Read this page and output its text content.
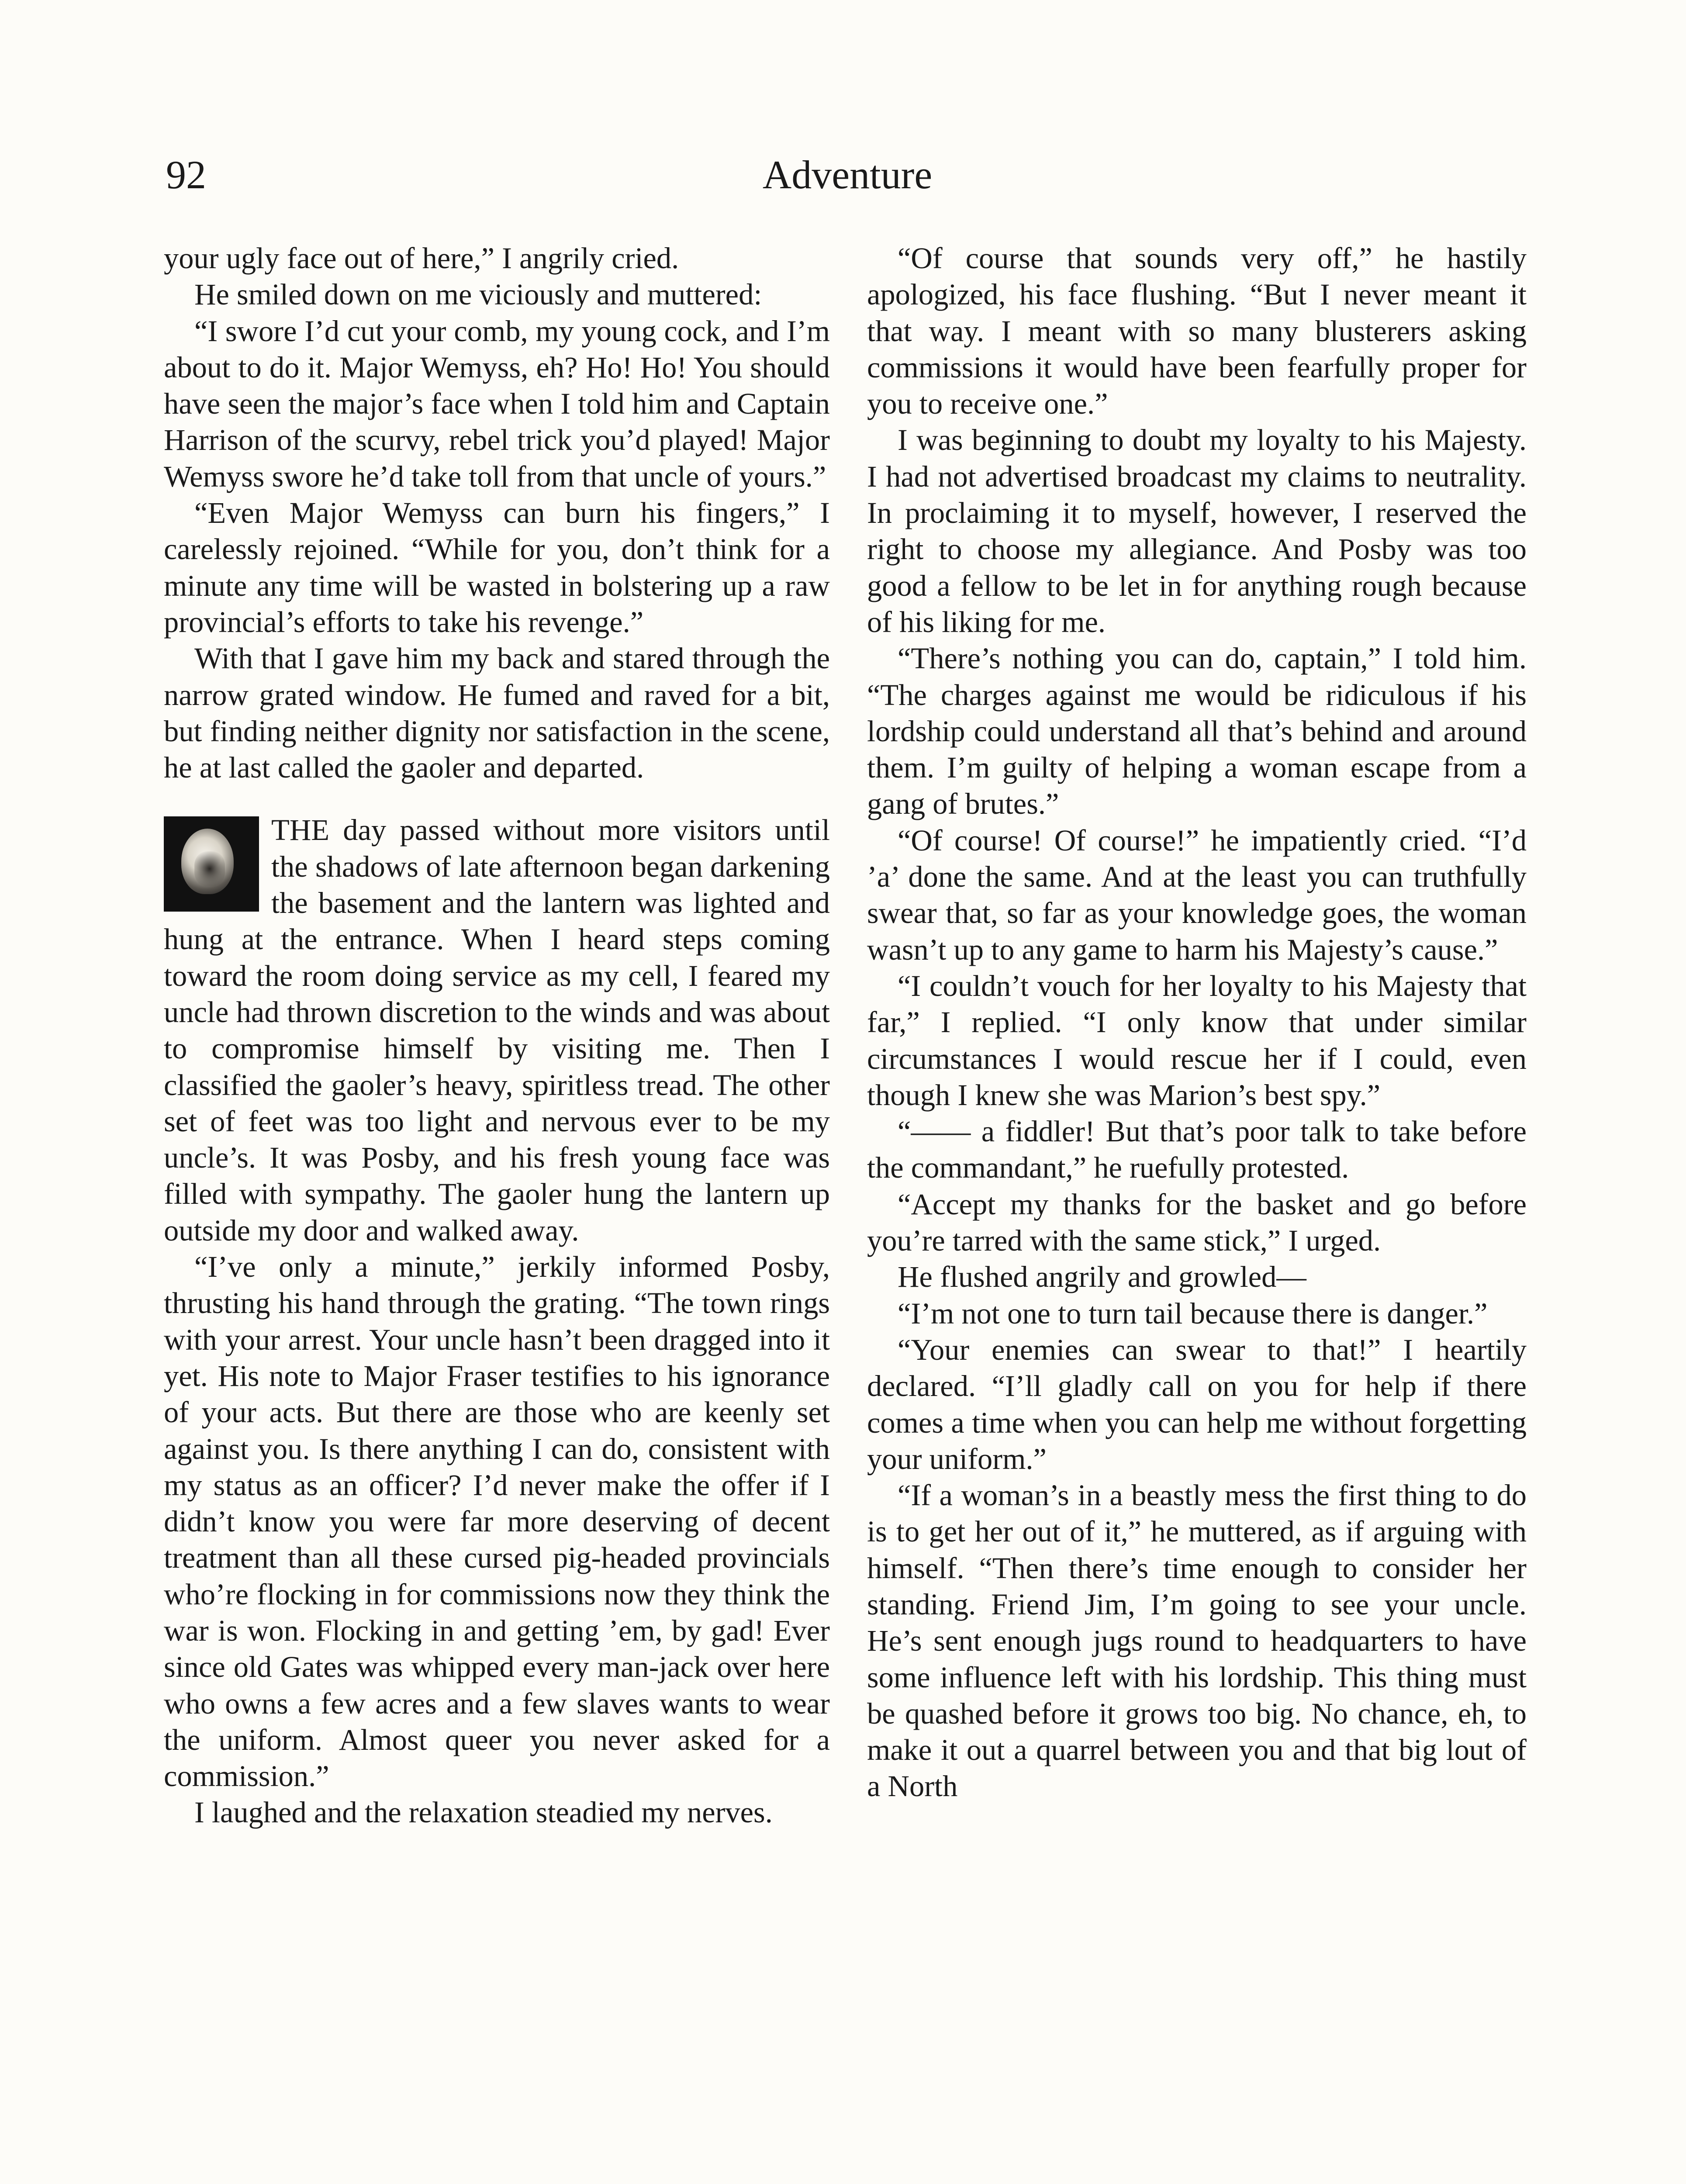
92	Adventure

your ugly face out of here,” I angrily cried.

He smiled down on me viciously and muttered:

“I swore I’d cut your comb, my young cock, and I’m about to do it. Major Wemyss, eh? Ho! Ho! You should have seen the major’s face when I told him and Captain Harrison of the scurvy, rebel trick you’d played! Major Wemyss swore he’d take toll from that uncle of yours.”

“Even Major Wemyss can burn his fingers,” I carelessly rejoined. “While for you, don’t think for a minute any time will be wasted in bolstering up a raw provincial’s efforts to take his revenge.”

With that I gave him my back and stared through the narrow grated window. He fumed and raved for a bit, but finding neither dignity nor satisfaction in the scene, he at last called the gaoler and departed.

THE day passed without more visitors until the shadows of late afternoon began darkening the basement and the lantern was lighted and hung at the entrance. When I heard steps coming toward the room doing service as my cell, I feared my uncle had thrown discretion to the winds and was about to compromise himself by visiting me. Then I classified the gaoler’s heavy, spiritless tread. The other set of feet was too light and nervous ever to be my uncle’s. It was Posby, and his fresh young face was filled with sympathy. The gaoler hung the lantern up outside my door and walked away.

“I’ve only a minute,” jerkily informed Posby, thrusting his hand through the grating. “The town rings with your arrest. Your uncle hasn’t been dragged into it yet. His note to Major Fraser testifies to his ignorance of your acts. But there are those who are keenly set against you. Is there anything I can do, consistent with my status as an officer? I’d never make the offer if I didn’t know you were far more deserving of decent treatment than all these cursed pig-headed provincials who’re flocking in for commissions now they think the war is won. Flocking in and getting ’em, by gad! Ever since old Gates was whipped every man-jack over here who owns a few acres and a few slaves wants to wear the uniform. Almost queer you never asked for a commission.”

I laughed and the relaxation steadied my nerves.

“Of course that sounds very off,” he hastily apologized, his face flushing. “But I never meant it that way. I meant with so many blusterers asking commissions it would have been fearfully proper for you to receive one.”

I was beginning to doubt my loyalty to his Majesty. I had not advertised broadcast my claims to neutrality. In proclaiming it to myself, however, I reserved the right to choose my allegiance. And Posby was too good a fellow to be let in for anything rough because of his liking for me.

“There’s nothing you can do, captain,” I told him. “The charges against me would be ridiculous if his lordship could understand all that’s behind and around them. I’m guilty of helping a woman escape from a gang of brutes.”

“Of course! Of course!” he impatiently cried. “I’d ’a’ done the same. And at the least you can truthfully swear that, so far as your knowledge goes, the woman wasn’t up to any game to harm his Majesty’s cause.”

“I couldn’t vouch for her loyalty to his Majesty that far,” I replied. “I only know that under similar circumstances I would rescue her if I could, even though I knew she was Marion’s best spy.”

“—— a fiddler! But that’s poor talk to take before the commandant,” he ruefully protested.

“Accept my thanks for the basket and go before you’re tarred with the same stick,” I urged.

He flushed angrily and growled—

“I’m not one to turn tail because there is danger.”

“Your enemies can swear to that!” I heartily declared. “I’ll gladly call on you for help if there comes a time when you can help me without forgetting your uniform.”

“If a woman’s in a beastly mess the first thing to do is to get her out of it,” he muttered, as if arguing with himself. “Then there’s time enough to consider her standing. Friend Jim, I’m going to see your uncle. He’s sent enough jugs round to headquarters to have some influence left with his lordship. This thing must be quashed before it grows too big. No chance, eh, to make it out a quarrel between you and that big lout of a North
